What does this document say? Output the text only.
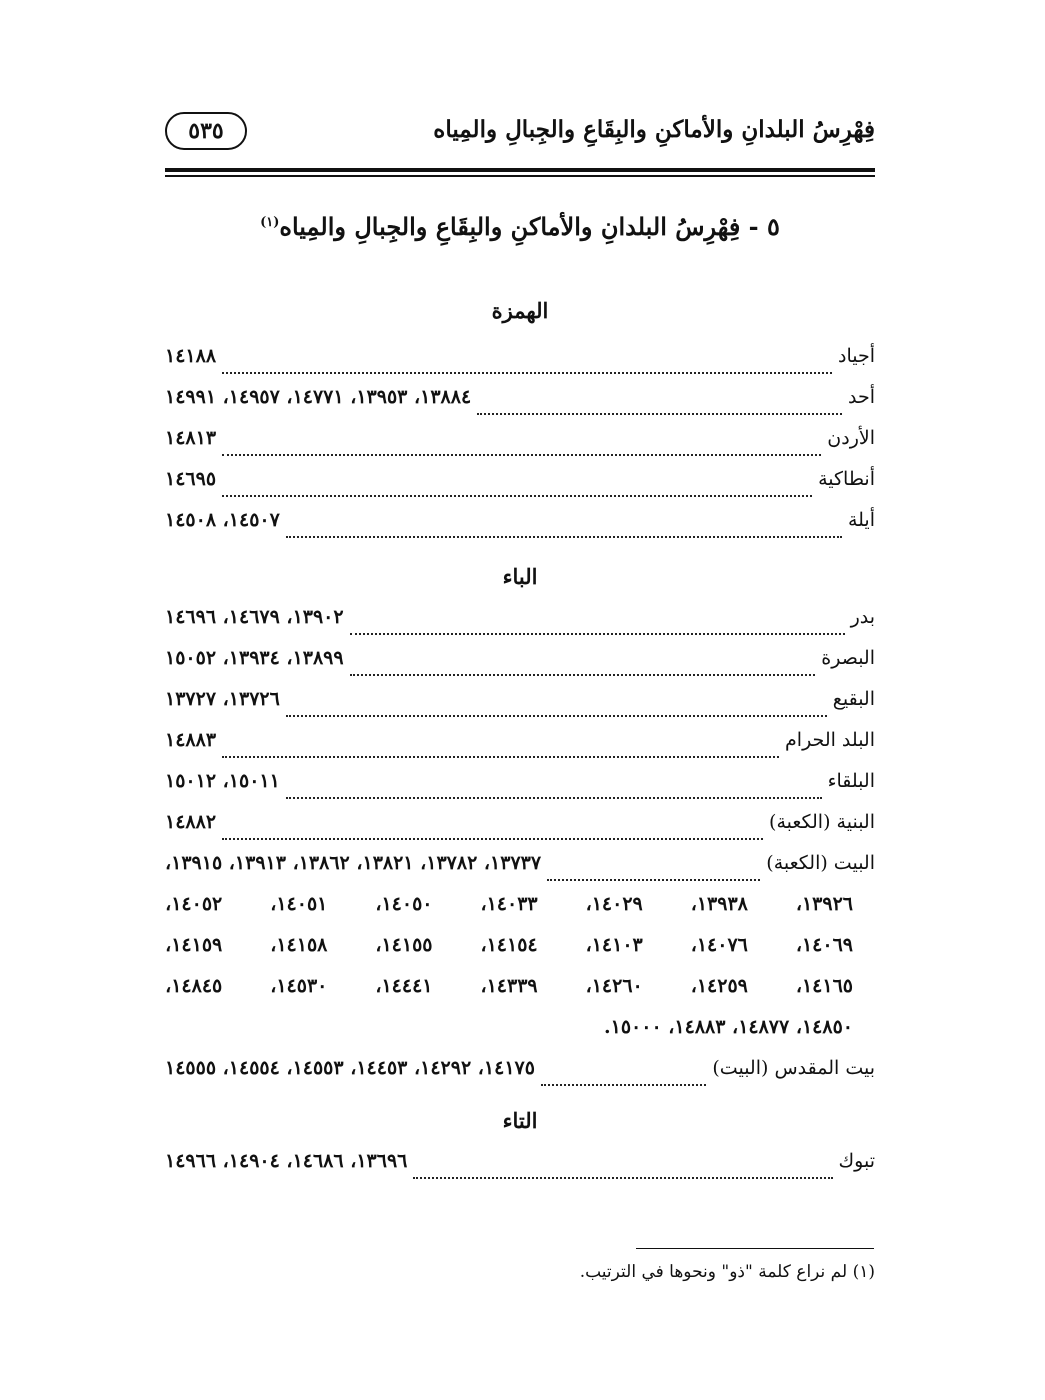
فِهْرِسُ البلدانِ والأماكنِ والبِقَاعِ والجِبالِ والمِياه
٥٣٥
٥ - فِهْرِسُ البلدانِ والأماكنِ والبِقَاعِ والجِبالِ والمِياه$^{(١)}$
الهمزة
أجياد
١٤١٨٨
أحد
١٣٨٨٤، ١٣٩٥٣، ١٤٧٧١، ١٤٩٥٧، ١٤٩٩١
الأردن
١٤٨١٣
أنطاكية
١٤٦٩٥
أيلة
١٤٥٠٧، ١٤٥٠٨
الباء
بدر
١٣٩٠٢، ١٤٦٧٩، ١٤٦٩٦
البصرة
١٣٨٩٩، ١٣٩٣٤، ١٥٠٥٢
البقيع
١٣٧٢٦، ١٣٧٢٧
البلد الحرام
١٤٨٨٣
البلقاء
١٥٠١١، ١٥٠١٢
البنية (الكعبة)
١٤٨٨٢
البيت (الكعبة)
١٣٧٣٧، ١٣٧٨٢، ١٣٨٢١، ١٣٨٦٢، ١٣٩١٣، ١٣٩١٥،
١٣٩٢٦،
١٣٩٣٨،
١٤٠٢٩،
١٤٠٣٣،
١٤٠٥٠،
١٤٠٥١،
١٤٠٥٢،
١٤٠٦٩،
١٤٠٧٦،
١٤١٠٣،
١٤١٥٤،
١٤١٥٥،
١٤١٥٨،
١٤١٥٩،
١٤١٦٥،
١٤٢٥٩،
١٤٢٦٠،
١٤٣٣٩،
١٤٤٤١،
١٤٥٣٠،
١٤٨٤٥،
١٤٨٥٠، ١٤٨٧٧، ١٤٨٨٣، ١٥٠٠٠.
بيت المقدس (البيت)
١٤١٧٥، ١٤٢٩٢، ١٤٤٥٣، ١٤٥٥٣، ١٤٥٥٤، ١٤٥٥٥
التاء
تبوك
١٣٦٩٦، ١٤٦٨٦، ١٤٩٠٤، ١٤٩٦٦
(١) لم نراع كلمة "ذو" ونحوها في الترتيب.
